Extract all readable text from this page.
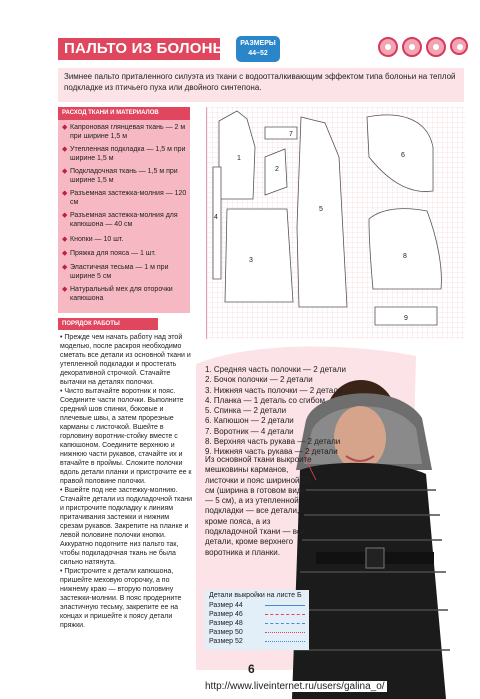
ПАЛЬТО ИЗ БОЛОНЬИ РАЗМЕРЫ
44–52
Зимнее пальто приталенного силуэта из ткани с водоотталкивающим эффектом типа болоньи на теплой подкладке из птичьего пуха или двойного синтепона.
РАСХОД ТКАНИ И МАТЕРИАЛОВ
◆ Капроновая глянцевая ткань — 2 м при ширине 1,5 м
◆ Утепленная подкладка — 1,5 м при ширине 1,5 м
◆ Подкладочная ткань — 1,5 м при ширине 1,5 м
◆ Разъемная застежка-молния — 120 см
◆ Разъемная застежка-молния для капюшона — 40 см
◆ Кнопки — 10 шт.
◆ Пряжка для пояса — 1 шт.
◆ Эластичная тесьма — 1 м при ширине 5 см
◆ Натуральный мех для оторочки капюшона
ПОРЯДОК РАБОТЫ

• Прежде чем начать работу над этой моделью, после раскроя необходимо сметать все детали из основной ткани и утепленной подкладки и простегать декоративной строчкой. Стачайте вытачки на деталях полочки.

• Чисто вытачайте воротник и пояс. Соедините части полочки. Выполните средний шов спинки, боковые и плечевые швы, а затем прорезные карманы с листочкой. Вшейте в горловину воротник-стойку вместе с капюшоном. Соедините верхнюю и нижнюю части рукавов, стачайте их и втачайте в проймы. Сложите полочки вдоль детали планки и пристрочите ее к правой половине полочки.

• Вшейте под нее застежку-молнию. Стачайте детали из подкладочной ткани и пристрочите подкладку к линиям притачивания застежки и нижним срезам рукавов. Закрепите на планке и левой половине полочки кнопки. Аккуратно подогните низ пальто так, чтобы подкладочная ткань не была сильно натянута.

• Пристрочите к детали капюшона, пришейте меховую оторочку, а по нижнему краю — вторую половину застежки-молнии. В пояс продерните эластичную тесьму, закрепите ее на концах и пришейте к поясу детали пряжки.

1
2
3
4
5
6
7
8
9
1. Средняя часть полочки — 2 детали
2. Бочок полочки — 2 детали
3. Нижняя часть полочки — 2 детали
4. Планка — 1 деталь со сгибом
5. Спинка — 2 детали
6. Капюшон — 2 детали
7. Воротник — 4 детали
8. Верхняя часть рукава — 2 детали
9. Нижняя часть рукава — 2 детали
Из основной ткани выкроите мешковины карманов, листочки и пояс шириной 12 см (ширина в готовом виде — 5 см), а из утепленной подкладки — все детали, кроме пояса, а из подкладочной ткани — все детали, кроме верхнего воротника и планки.
Детали выкройки на листе Б
Размер 44
Размер 46
Размер 48
Размер 50
Размер 52
6
http://www.liveinternet.ru/users/galina_o/
